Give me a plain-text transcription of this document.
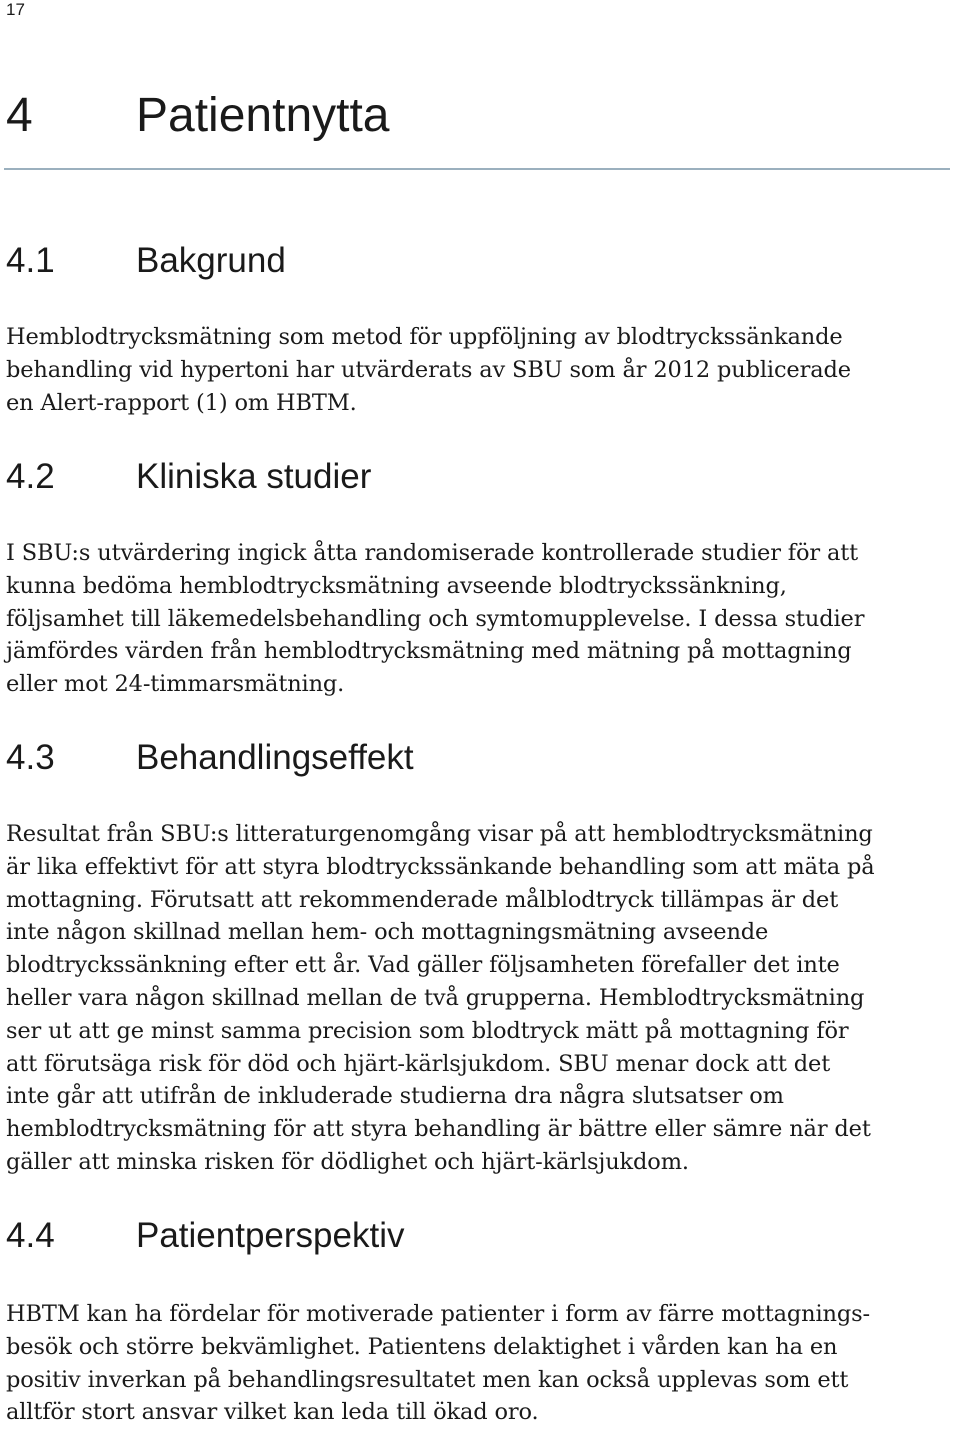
17
4 Patientnytta
4.1 Bakgrund
Hemblodtrycksmätning som metod för uppföljning av blodtryckssänkande
behandling vid hypertoni har utvärderats av SBU som år 2012 publicerade
en Alert-rapport (1) om HBTM.
4.2 Kliniska studier
I SBU:s utvärdering ingick åtta randomiserade kontrollerade studier för att
kunna bedöma hemblodtrycksmätning avseende blodtryckssänkning,
följsamhet till läkemedelsbehandling och symtomupplevelse. I dessa studier
jämfördes värden från hemblodtrycksmätning med mätning på mottagning
eller mot 24-timmarsmätning.
4.3 Behandlingseffekt
Resultat från SBU:s litteraturgenomgång visar på att hemblodtrycksmätning
är lika effektivt för att styra blodtryckssänkande behandling som att mäta på
mottagning. Förutsatt att rekommenderade målblodtryck tillämpas är det
inte någon skillnad mellan hem- och mottagningsmätning avseende
blodtryckssänkning efter ett år. Vad gäller följsamheten förefaller det inte
heller vara någon skillnad mellan de två grupperna. Hemblodtrycksmätning
ser ut att ge minst samma precision som blodtryck mätt på mottagning för
att förutsäga risk för död och hjärt-kärlsjukdom. SBU menar dock att det
inte går att utifrån de inkluderade studierna dra några slutsatser om
hemblodtrycksmätning för att styra behandling är bättre eller sämre när det
gäller att minska risken för dödlighet och hjärt-kärlsjukdom.
4.4 Patientperspektiv
HBTM kan ha fördelar för motiverade patienter i form av färre mottagnings-
besök och större bekvämlighet. Patientens delaktighet i vården kan ha en
positiv inverkan på behandlingsresultatet men kan också upplevas som ett
alltför stort ansvar vilket kan leda till ökad oro.
